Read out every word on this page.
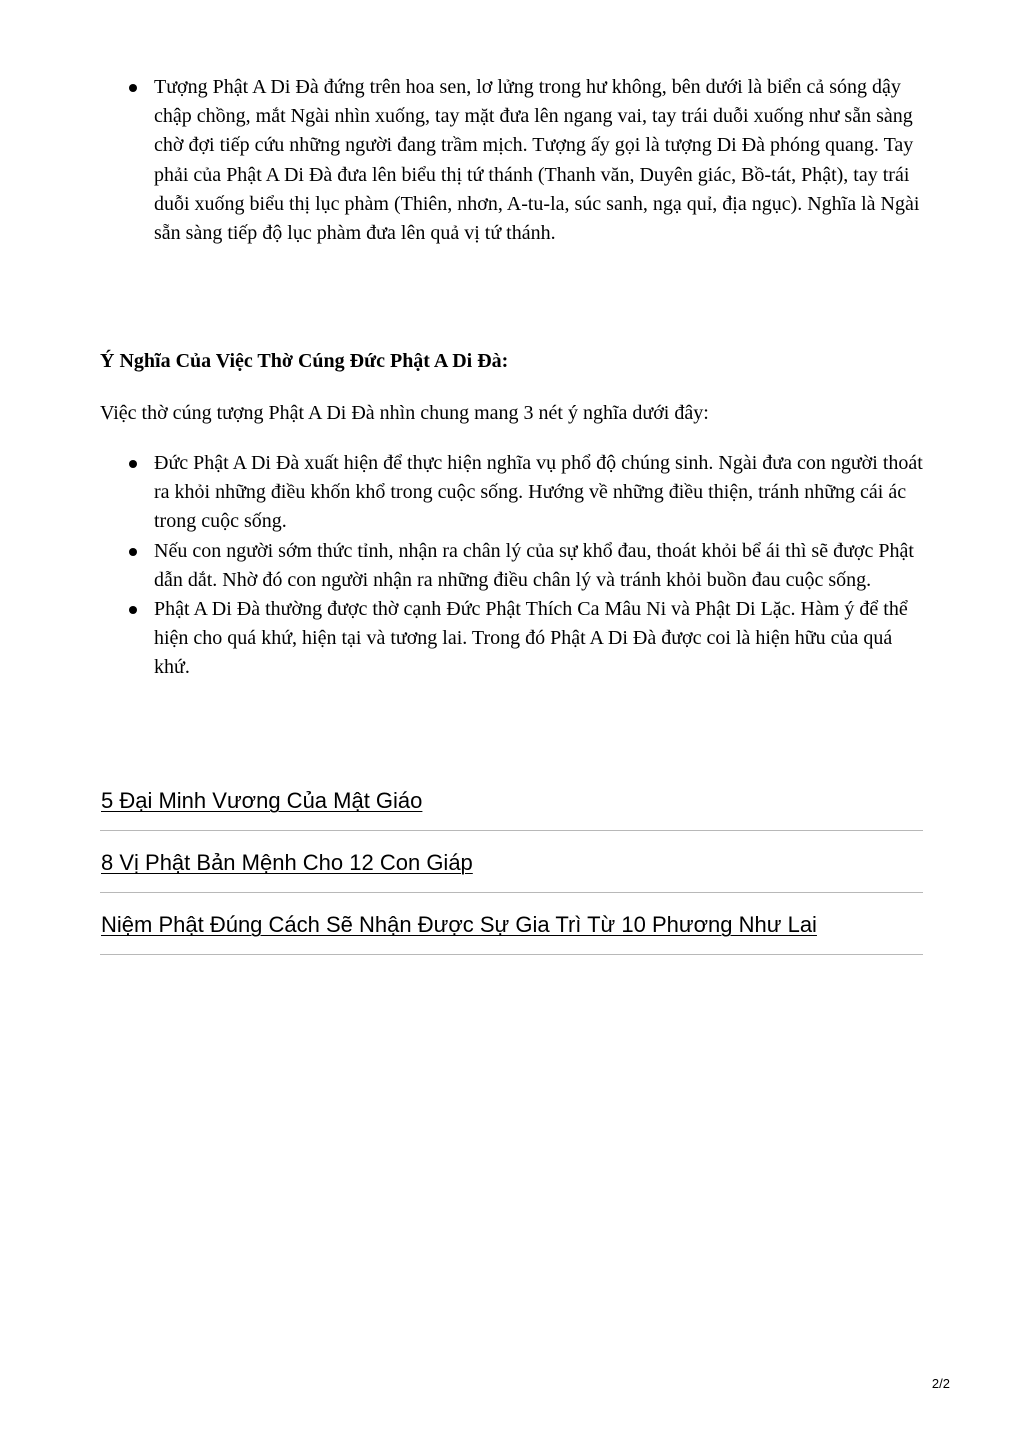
Tượng Phật A Di Đà đứng trên hoa sen, lơ lửng trong hư không, bên dưới là biển cả sóng dậy chập chồng, mắt Ngài nhìn xuống, tay mặt đưa lên ngang vai, tay trái duỗi xuống như sẵn sàng chờ đợi tiếp cứu những người đang trầm mịch. Tượng ấy gọi là tượng Di Đà phóng quang. Tay phải của Phật A Di Đà đưa lên biểu thị tứ thánh (Thanh văn, Duyên giác, Bồ-tát, Phật), tay trái duỗi xuống biểu thị lục phàm (Thiên, nhơn, A-tu-la, súc sanh, ngạ quỉ, địa ngục). Nghĩa là Ngài sẵn sàng tiếp độ lục phàm đưa lên quả vị tứ thánh.
Ý Nghĩa Của Việc Thờ Cúng Đức Phật A Di Đà:

Việc thờ cúng tượng Phật A Di Đà nhìn chung mang 3 nét ý nghĩa dưới đây:

Đức Phật A Di Đà xuất hiện để thực hiện nghĩa vụ phổ độ chúng sinh. Ngài đưa con người thoát ra khỏi những điều khốn khổ trong cuộc sống. Hướng về những điều thiện, tránh những cái ác trong cuộc sống.
Nếu con người sớm thức tỉnh, nhận ra chân lý của sự khổ đau, thoát khỏi bể ái thì sẽ được Phật dẫn dắt. Nhờ đó con người nhận ra những điều chân lý và tránh khỏi buồn đau cuộc sống.
Phật A Di Đà thường được thờ cạnh Đức Phật Thích Ca Mâu Ni và Phật Di Lặc. Hàm ý để thể hiện cho quá khứ, hiện tại và tương lai. Trong đó Phật A Di Đà được coi là hiện hữu của quá khứ.
5 Đại Minh Vương Của Mật Giáo
8 Vị Phật Bản Mệnh Cho 12 Con Giáp
Niệm Phật Đúng Cách Sẽ Nhận Được Sự Gia Trì Từ 10 Phương Như Lai
2/2
